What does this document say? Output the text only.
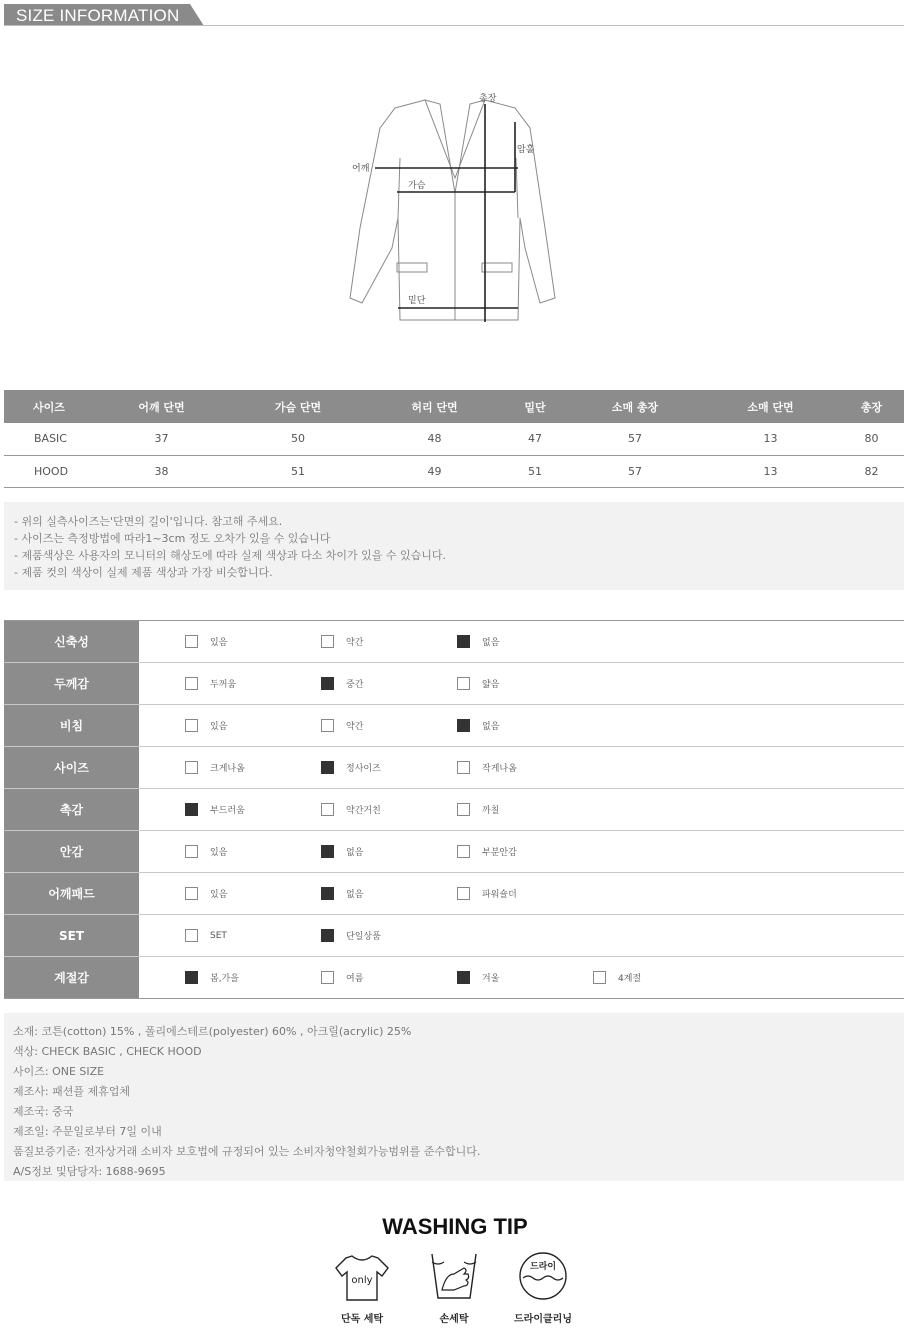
SIZE INFORMATION
총장
암홀
어깨
가슴
밑단
사이즈	어깨 단면	가슴 단면	허리 단면	밑단	소매 총장	소매 단면	총장
BASIC	37	50	48	47	57	13	80
HOOD	38	51	49	51	57	13	82

- 위의 실측사이즈는'단면의 길이'입니다. 참고해 주세요.

- 사이즈는 측정방법에 따라1~3cm 정도 오차가 있을 수 있습니다

- 제품색상은 사용자의 모니터의 해상도에 따라 실제 색상과 다소 차이가 있을 수 있습니다.

- 제품 컷의 색상이 실제 제품 색상과 가장 비슷합니다.

신축성	있음	약간	없음
두께감	두꺼움	중간	얇음
비침	있음	약간	없음
사이즈	크게나옴	정사이즈	작게나옴
촉감	부드러움	약간거친	까칠
안감	있음	없음	부분안감
어깨패드	있음	없음	파워숄더
SET	SET	단일상품
계절감	봄,가을	여름	겨울	4계절

소재: 코튼(cotton) 15% , 폴리에스테르(polyester) 60% , 아크릴(acrylic) 25%

색상: CHECK BASIC , CHECK HOOD

사이즈: ONE SIZE

제조사: 패션플 제휴업체

제조국: 중국

제조일: 주문일로부터 7일 이내

품질보증기준: 전자상거래 소비자 보호법에 규정되어 있는 소비자청약철회가능범위를 준수합니다.

A/S정보 및담당자: 1688-9695

WASHING TIP
only
단독 세탁	손세탁
드라이
드라이클리닝
